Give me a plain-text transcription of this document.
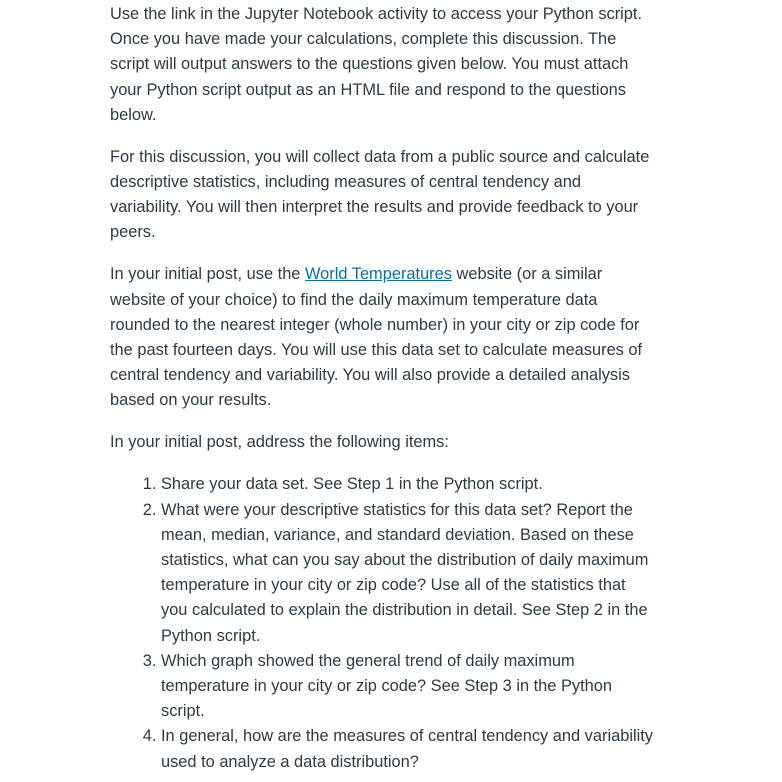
Use the link in the Jupyter Notebook activity to access your Python script. Once you have made your calculations, complete this discussion. The script will output answers to the questions given below. You must attach your Python script output as an HTML file and respond to the questions below.

For this discussion, you will collect data from a public source and calculate descriptive statistics, including measures of central tendency and variability. You will then interpret the results and provide feedback to your peers.

In your initial post, use the World Temperatures website (or a similar website of your choice) to find the daily maximum temperature data rounded to the nearest integer (whole number) in your city or zip code for the past fourteen days. You will use this data set to calculate measures of central tendency and variability. You will also provide a detailed analysis based on your results.

In your initial post, address the following items:

1. Share your data set. See Step 1 in the Python script.
2. What were your descriptive statistics for this data set? Report the mean, median, variance, and standard deviation. Based on these statistics, what can you say about the distribution of daily maximum temperature in your city or zip code? Use all of the statistics that you calculated to explain the distribution in detail. See Step 2 in the Python script.
3. Which graph showed the general trend of daily maximum temperature in your city or zip code? See Step 3 in the Python script.
4. In general, how are the measures of central tendency and variability used to analyze a data distribution?
